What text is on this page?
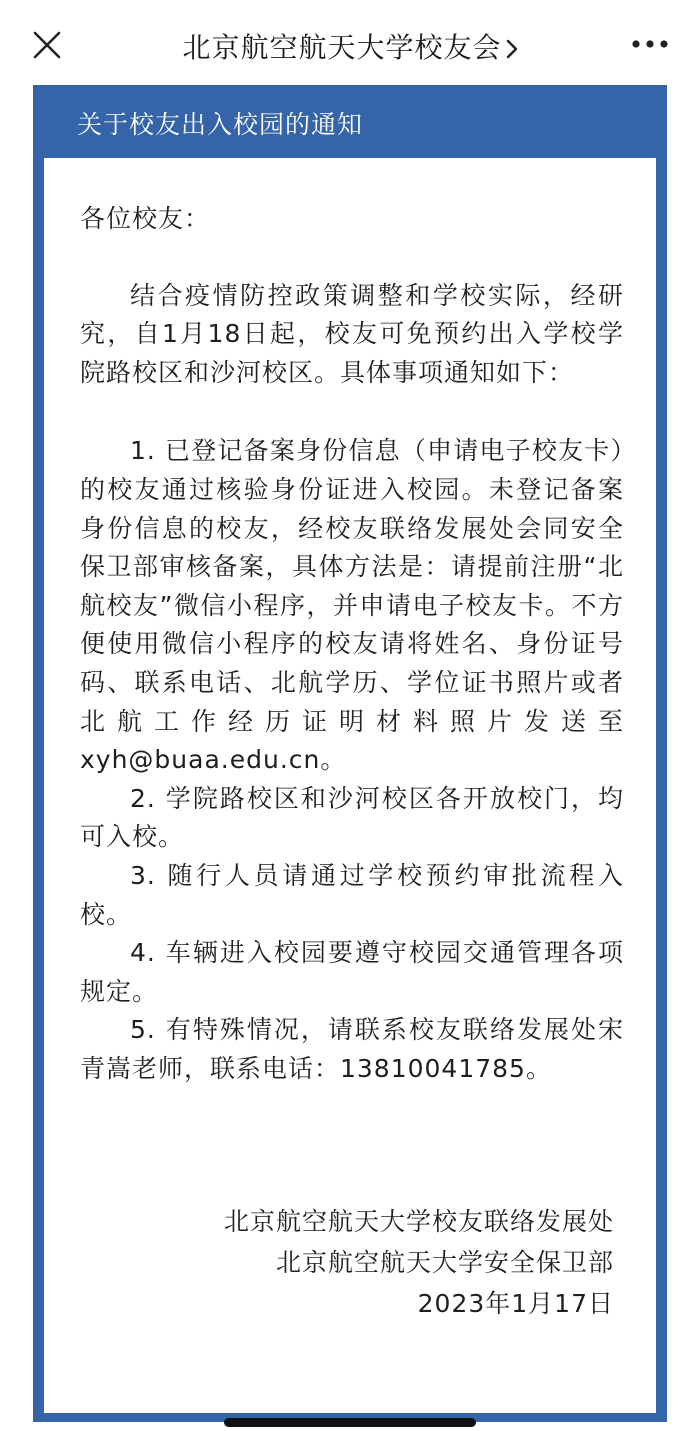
北京航空航天大学校友会
关于校友出入校园的通知

各位校友：

结合疫情防控政策调整和学校实际，经研究，自1月18日起，校友可免预约出入学校学院路校区和沙河校区。具体事项通知如下：

1. 已登记备案身份信息（申请电子校友卡）的校友通过核验身份证进入校园。未登记备案身份信息的校友，经校友联络发展处会同安全保卫部审核备案，具体方法是：请提前注册“北航校友”微信小程序，并申请电子校友卡。不方便使用微信小程序的校友请将姓名、身份证号码、联系电话、北航学历、学位证书照片或者北航工作经历证明材料照片发送至xyh@buaa.edu.cn。

2. 学院路校区和沙河校区各开放校门，均可入校。

3. 随行人员请通过学校预约审批流程入校。

4. 车辆进入校园要遵守校园交通管理各项规定。

5. 有特殊情况，请联系校友联络发展处宋青嵩老师，联系电话：13810041785。

北京航空航天大学校友联络发展处
北京航空航天大学安全保卫部
2023年1月17日
